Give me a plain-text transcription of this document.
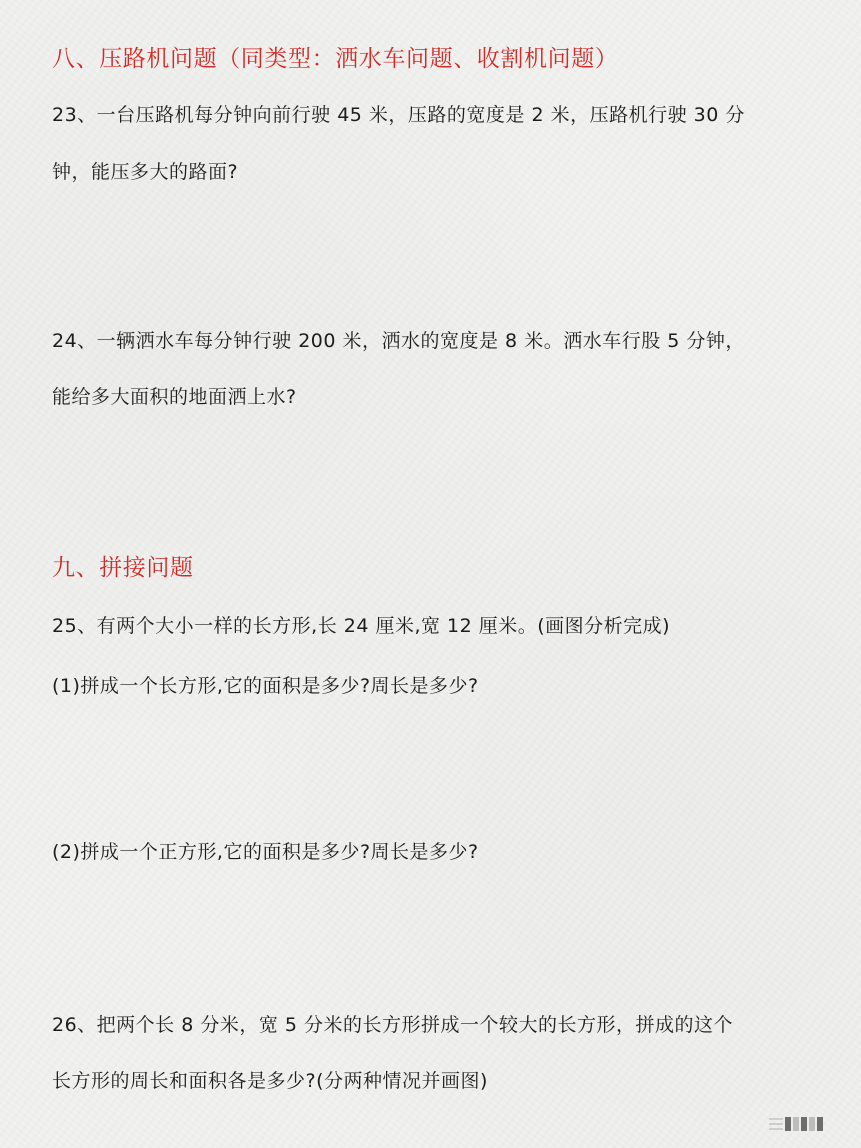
八、压路机问题（同类型：洒水车问题、收割机问题）
23、一台压路机每分钟向前行驶 45 米，压路的宽度是 2 米，压路机行驶 30 分
钟，能压多大的路面?
24、一辆洒水车每分钟行驶 200 米，洒水的宽度是 8 米。洒水车行股 5 分钟，
能给多大面积的地面洒上水?
九、拼接问题
25、有两个大小一样的长方形,长 24 厘米,宽 12 厘米。(画图分析完成)
(1)拼成一个长方形,它的面积是多少?周长是多少?
(2)拼成一个正方形,它的面积是多少?周长是多少?
26、把两个长 8 分米，宽 5 分米的长方形拼成一个较大的长方形，拼成的这个
长方形的周长和面积各是多少?(分两种情况并画图)
